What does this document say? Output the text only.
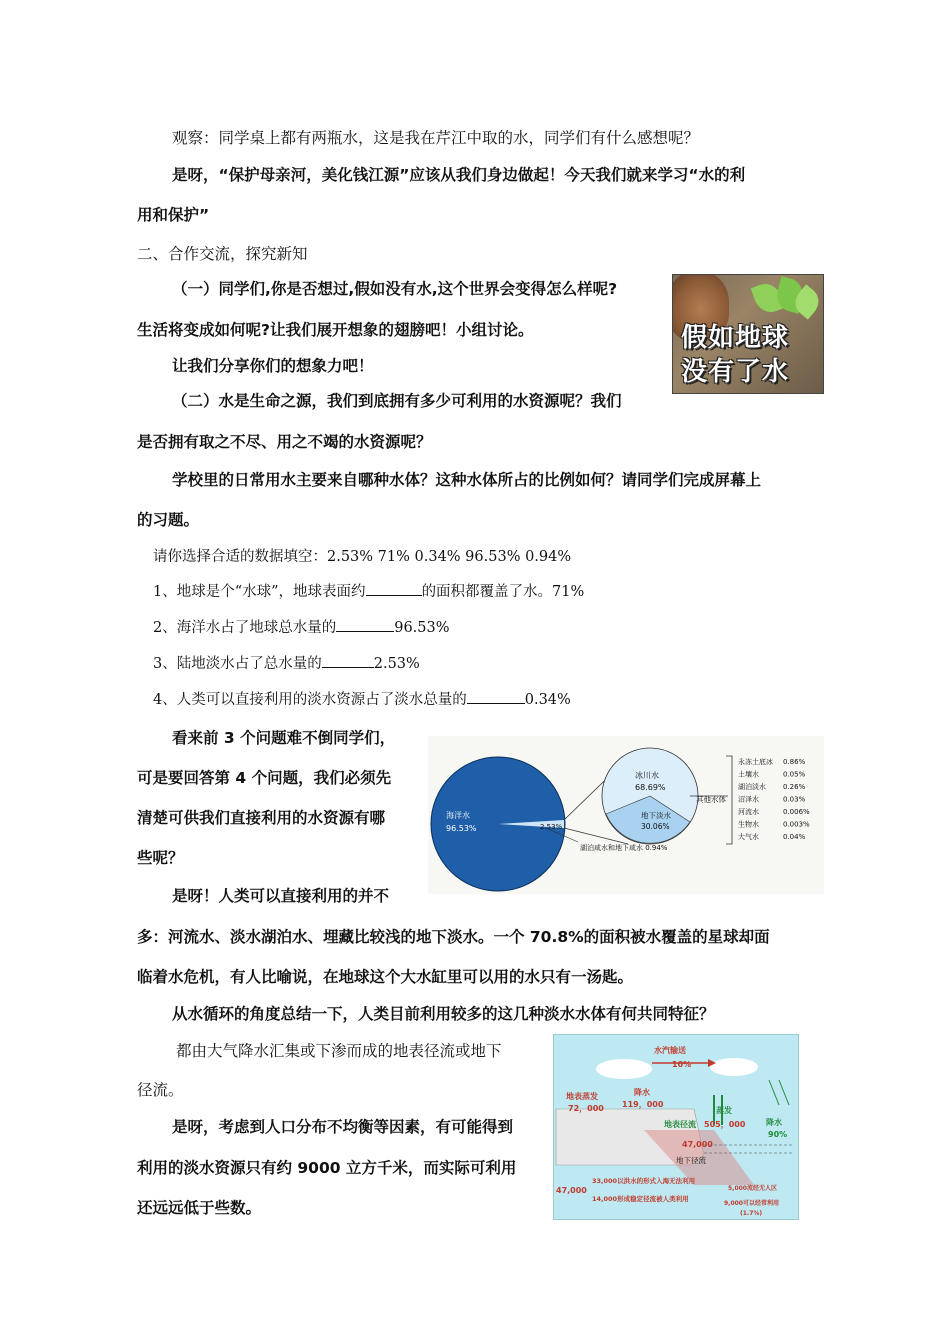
观察：同学桌上都有两瓶水，这是我在芹江中取的水，同学们有什么感想呢？

是呀，“保护母亲河，美化钱江源”应该从我们身边做起！今天我们就来学习“水的利

用和保护”

二、合作交流，探究新知

（一）同学们,你是否想过,假如没有水,这个世界会变得怎么样呢?

生活将变成如何呢?让我们展开想象的翅膀吧！小组讨论。

让我们分享你们的想象力吧！

（二）水是生命之源，我们到底拥有多少可利用的水资源呢？我们

是否拥有取之不尽、用之不竭的水资源呢？

学校里的日常用水主要来自哪种水体？这种水体所占的比例如何？请同学们完成屏幕上

的习题。

请你选择合适的数据填空：2.53% 71% 0.34% 96.53% 0.94%

1、地球是个“水球”，地球表面约	的面积都覆盖了水。71%

2、海洋水占了地球总水量的	96.53%

3、陆地淡水占了总水量的	2.53%

4、人类可以直接利用的淡水资源占了淡水总量的	0.34%

看来前 3 个问题难不倒同学们，

可是要回答第 4 个问题，我们必须先

清楚可供我们直接利用的水资源有哪

些呢？

是呀！人类可以直接利用的并不

多：河流水、淡水湖泊水、埋藏比较浅的地下淡水。一个 70.8%的面积被水覆盖的星球却面

临着水危机，有人比喻说，在地球这个大水缸里可以用的水只有一汤匙。

从水循环的角度总结一下，人类目前利用较多的这几种淡水水体有何共同特征？

都由大气降水汇集或下渗而成的地表径流或地下

径流。

是呀，考虑到人口分布不均衡等因素，有可能得到

利用的淡水资源只有约 9000 立方千米，而实际可利用

还远远低于些数。

假如地球
没有了水
海洋水
96.53%	2.53%
冰川水
68.69%
地下淡水
30.06%
其他水体
湖泊咸水和地下咸水 0.94%
永冻土底冰 0.86%
土壤水	0.05%
湖泊淡水 0.26%
沼泽水	0.03%
河流水	0.006%
生物水	0.003%
大气水	0.04%
水汽输送
10%
地表蒸发
72，000
降水
119，000
地表径流
47,000
蒸发
505，000	降水
90%
地下径流
47,000
33,000以洪水的形式入海无法利用
14,000形成稳定径流被人类利用
5,000流经无人区
9,000可以经常利用
(1.7%)
